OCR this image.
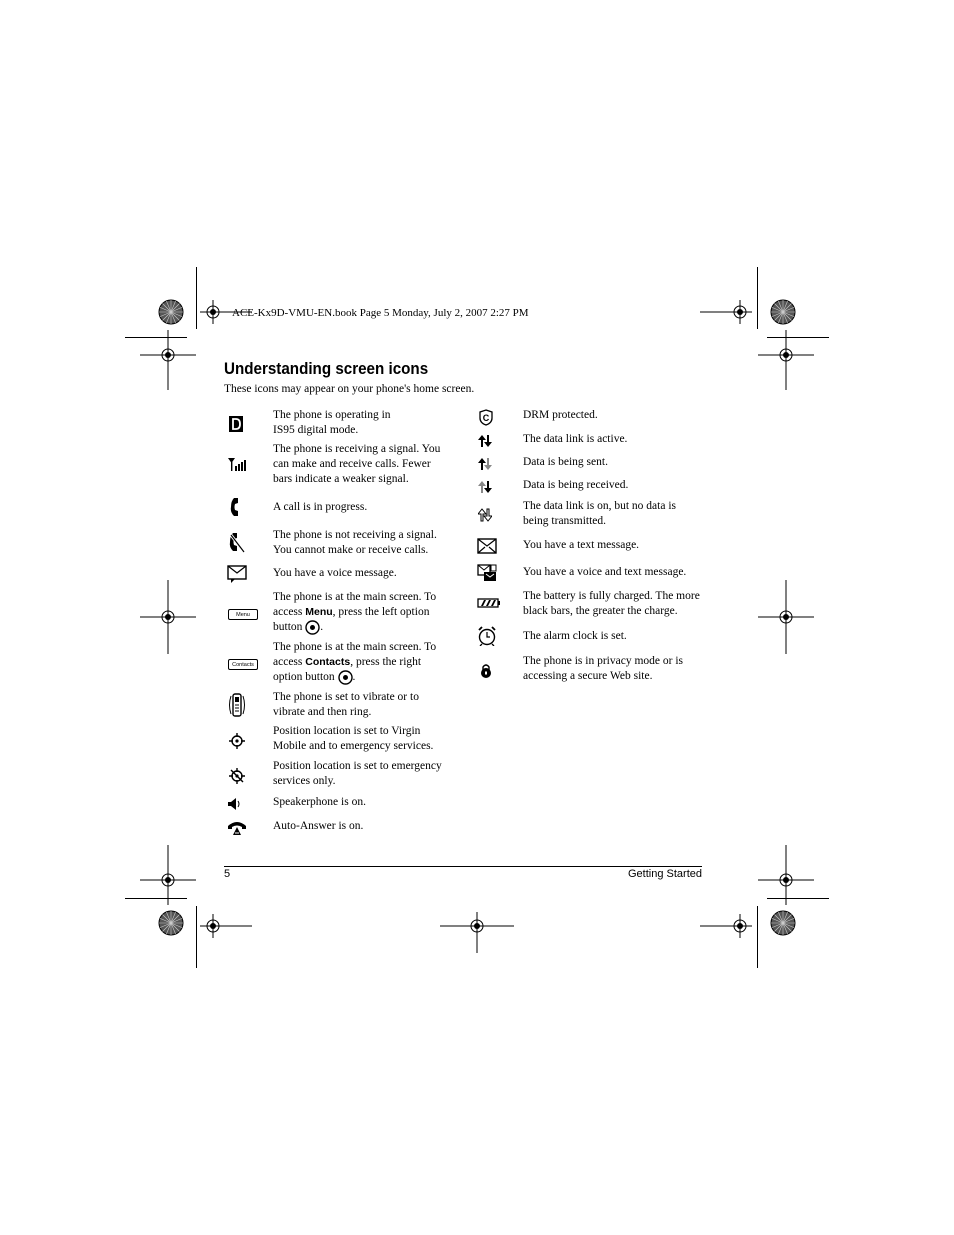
ACE-Kx9D-VMU-EN.book Page 5 Monday, July 2, 2007 2:27 PM
Understanding screen icons
These icons may appear on your phone's home screen.
The phone is operating in IS95 digital mode.
The phone is receiving a signal. You can make and receive calls. Fewer bars indicate a weaker signal.
A call is in progress.
The phone is not receiving a signal. You cannot make or receive calls.
You have a voice message.
Menu
The phone is at the main screen. To access Menu, press the left option button .
Contacts
The phone is at the main screen. To access Contacts, press the right option button .
The phone is set to vibrate or to vibrate and then ring.
Position location is set to Virgin Mobile and to emergency services.
Position location is set to emergency services only.
Speakerphone is on.
Auto-Answer is on.
C	DRM protected.
The data link is active.
Data is being sent.
Data is being received.
The data link is on, but no data is being transmitted.
You have a text message.
You have a voice and text message.
The battery is fully charged. The more black bars, the greater the charge.
The alarm clock is set.
The phone is in privacy mode or is accessing a secure Web site.
5	Getting Started
